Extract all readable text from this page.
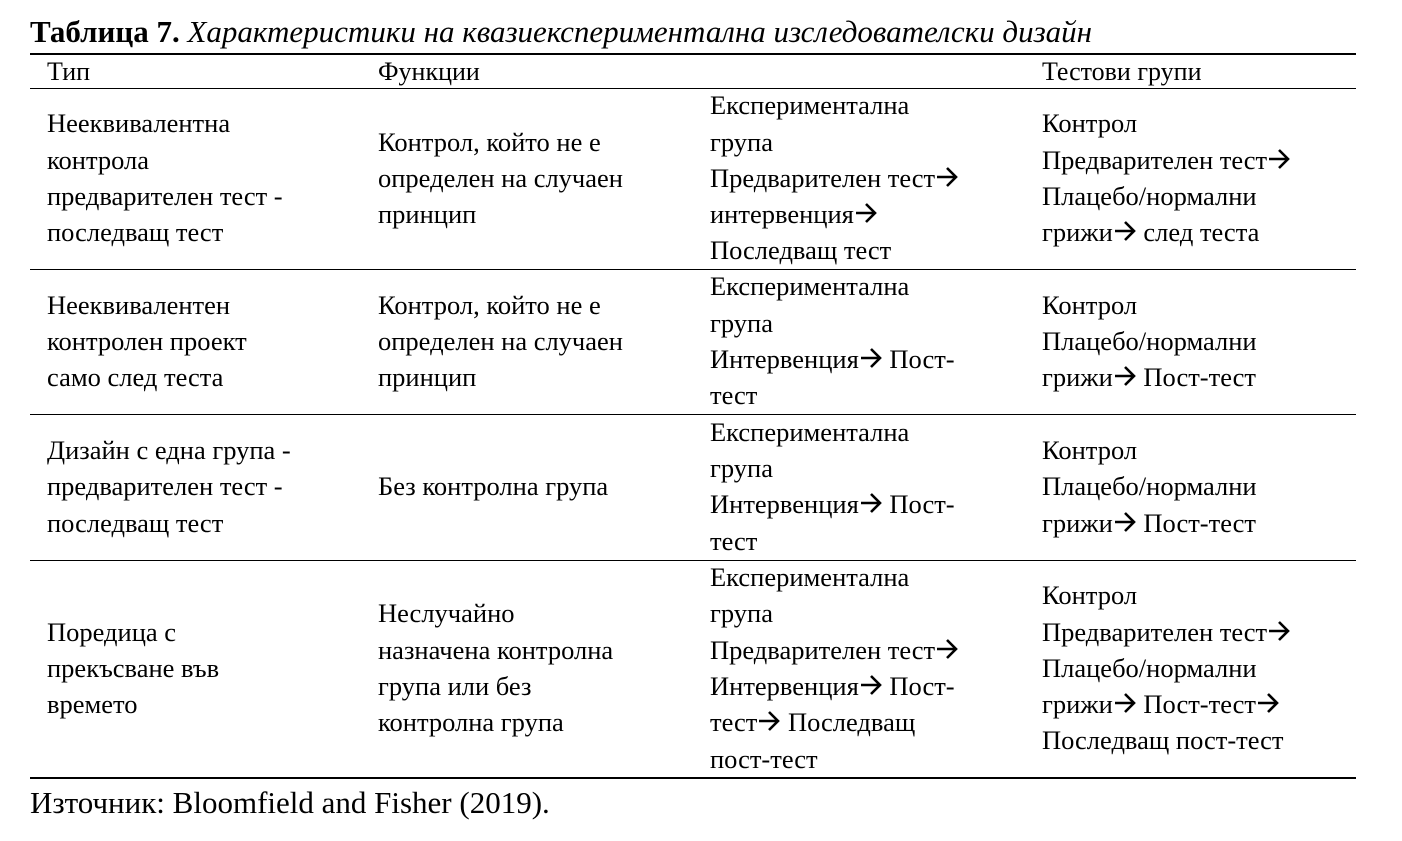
Таблица 7. Характеристики на квазиекспериментална изследователски дизайн
Тип	Функции	Тестови групи
Нееквивалентна
контрола
предварителен тест -
последващ тест
Контрол, който не е
определен на случаен
принцип
Експериментална
група
Предварителен тест
интервенция
Последващ тест
Контрол
Предварителен тест
Плацебо/нормални
грижи след теста
Нееквивалентен
контролен проект
само след теста
Контрол, който не е
определен на случаен
принцип
Експериментална
група
Интервенция Пост-
тест
Контрол
Плацебо/нормални
грижи Пост-тест
Дизайн с една група -
предварителен тест -
последващ тест
Без контролна група
Експериментална
група
Интервенция Пост-
тест
Контрол
Плацебо/нормални
грижи Пост-тест
Поредица с
прекъсване във
времето
Неслучайно
назначена контролна
група или без
контролна група
Експериментална
група
Предварителен тест
Интервенция Пост-
тест Последващ
пост-тест
Контрол
Предварителен тест
Плацебо/нормални
грижи Пост-тест
Последващ пост-тест
Източник: Bloomfield and Fisher (2019).
